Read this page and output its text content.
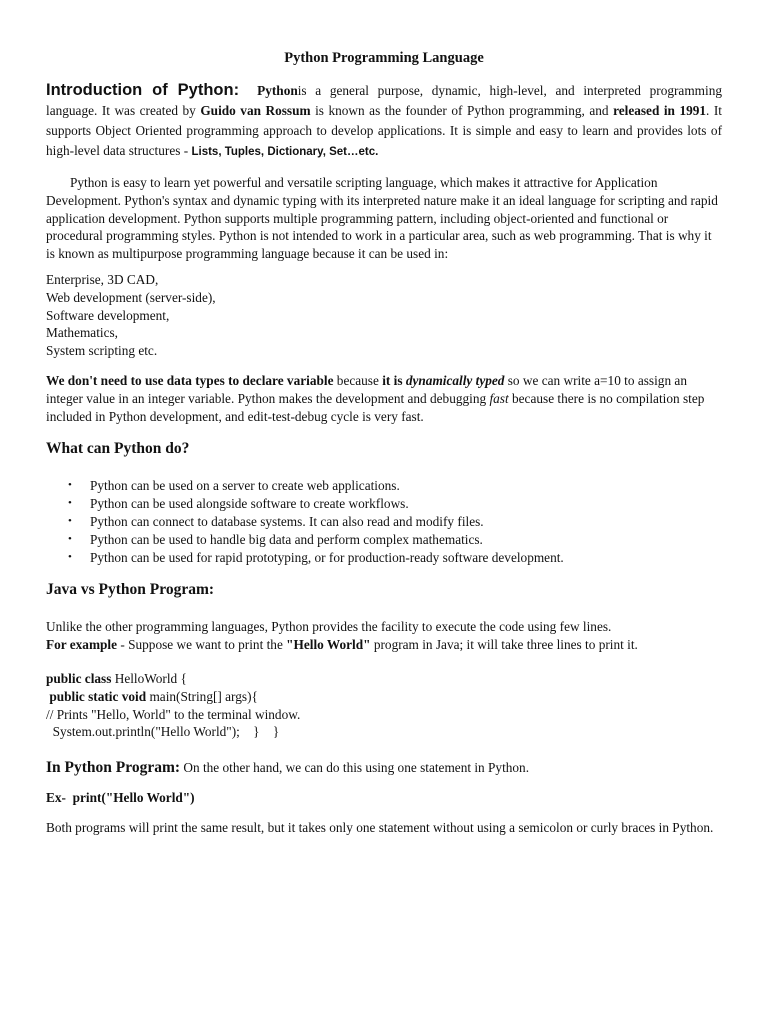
Python Programming Language
Introduction of Python: Pythonis a general purpose, dynamic, high-level, and interpreted programming language. It was created by Guido van Rossum is known as the founder of Python programming, and released in 1991. It supports Object Oriented programming approach to develop applications. It is simple and easy to learn and provides lots of high-level data structures - Lists, Tuples, Dictionary, Set…etc.

Python is easy to learn yet powerful and versatile scripting language, which makes it attractive for Application Development. Python's syntax and dynamic typing with its interpreted nature make it an ideal language for scripting and rapid application development. Python supports multiple programming pattern, including object-oriented and functional or procedural programming styles. Python is not intended to work in a particular area, such as web programming. That is why it is known as multipurpose programming language because it can be used in:

Enterprise, 3D CAD,
Web development (server-side),
Software development,
Mathematics,
System scripting etc.

We don't need to use data types to declare variable because it is dynamically typed so we can write a=10 to assign an integer value in an integer variable. Python makes the development and debugging fast because there is no compilation step included in Python development, and edit-test-debug cycle is very fast.

What can Python do?
• Python can be used on a server to create web applications.
• Python can be used alongside software to create workflows.
• Python can connect to database systems. It can also read and modify files.
• Python can be used to handle big data and perform complex mathematics.
• Python can be used for rapid prototyping, or for production-ready software development.
Java vs Python Program:

Unlike the other programming languages, Python provides the facility to execute the code using few lines.
For example - Suppose we want to print the "Hello World" program in Java; it will take three lines to print it.

public class HelloWorld {
public static void main(String[] args){
// Prints "Hello, World" to the terminal window.
System.out.println("Hello World");    }    }
In Python Program: On the other hand, we can do this using one statement in Python.
Ex-  print("Hello World")

Both programs will print the same result, but it takes only one statement without using a semicolon or curly braces in Python.
